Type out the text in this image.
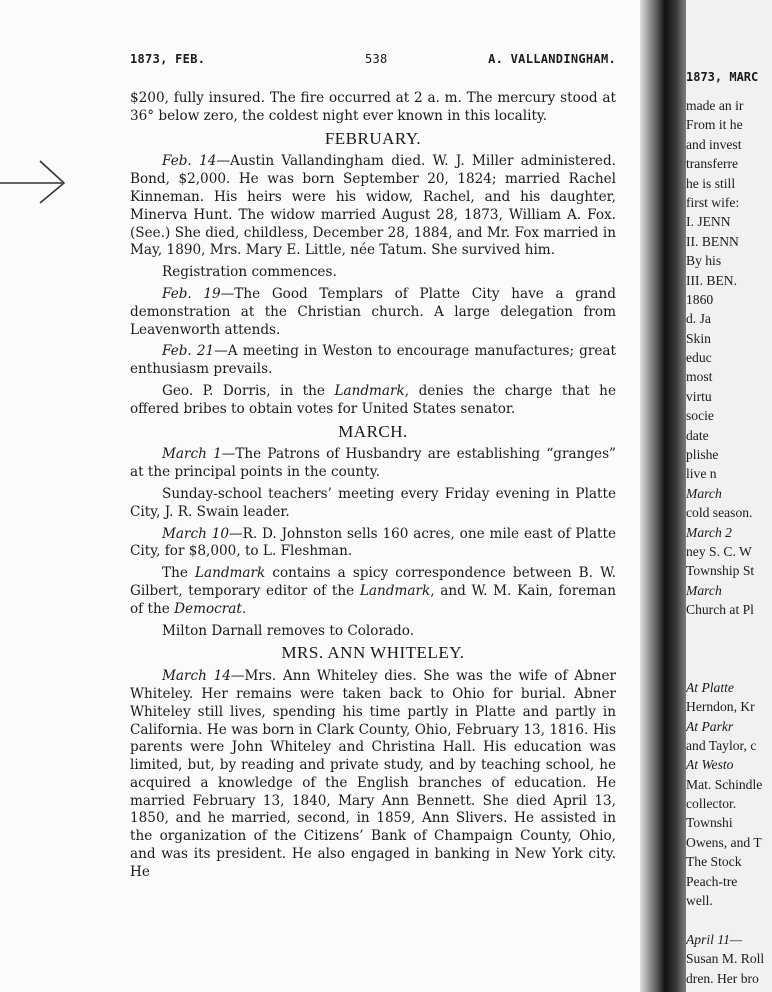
1873, FEB.	538	A. VALLANDINGHAM.

$200, fully insured. The fire occurred at 2 a. m. The mercury stood at 36° below zero, the coldest night ever known in this locality.

FEBRUARY.

Feb. 14—Austin Vallandingham died. W. J. Miller administered. Bond, $2,000. He was born September 20, 1824; married Rachel Kinneman. His heirs were his widow, Rachel, and his daughter, Minerva Hunt. The widow married August 28, 1873, William A. Fox. (See.) She died, childless, December 28, 1884, and Mr. Fox married in May, 1890, Mrs. Mary E. Little, née Tatum. She survived him.

Registration commences.

Feb. 19—The Good Templars of Platte City have a grand demonstration at the Christian church. A large delegation from Leavenworth attends.

Feb. 21—A meeting in Weston to encourage manufactures; great enthusiasm prevails.

Geo. P. Dorris, in the Landmark, denies the charge that he offered bribes to obtain votes for United States senator.

MARCH.

March 1—The Patrons of Husbandry are establishing “granges” at the principal points in the county.

Sunday-school teachers’ meeting every Friday evening in Platte City, J. R. Swain leader.

March 10—R. D. Johnston sells 160 acres, one mile east of Platte City, for $8,000, to L. Fleshman.

The Landmark contains a spicy correspondence between B. W. Gilbert, temporary editor of the Landmark, and W. M. Kain, foreman of the Democrat.

Milton Darnall removes to Colorado.

MRS. ANN WHITELEY.

March 14—Mrs. Ann Whiteley dies. She was the wife of Abner Whiteley. Her remains were taken back to Ohio for burial. Abner Whiteley still lives, spending his time partly in Platte and partly in California. He was born in Clark County, Ohio, February 13, 1816. His parents were John Whiteley and Christina Hall. His education was limited, but, by reading and private study, and by teaching school, he acquired a knowledge of the English branches of education. He married February 13, 1840, Mary Ann Bennett. She died April 13, 1850, and he married, second, in 1859, Ann Slivers. He assisted in the organization of the Citizens’ Bank of Champaign County, Ohio, and was its president. He also engaged in banking in New York city. He

1873, MARC
made an ir
From it he
and invest
transferre
he is still
first wife:
I. JENN
II. BENN
By his
III. BEN.
1860
d. Ja
Skin
educ
most
virtu
socie
date
plishe
live n
March
cold season.
March 2
ney S. C. W
Township St
March
Church at Pl
At Platte
Herndon, Kr
At Parkr
and Taylor, c
At Westo
Mat. Schindle
collector.
Townshi
Owens, and T
The Stock
Peach-tre
well.
April 11—
Susan M. Roll
dren. Her bro
